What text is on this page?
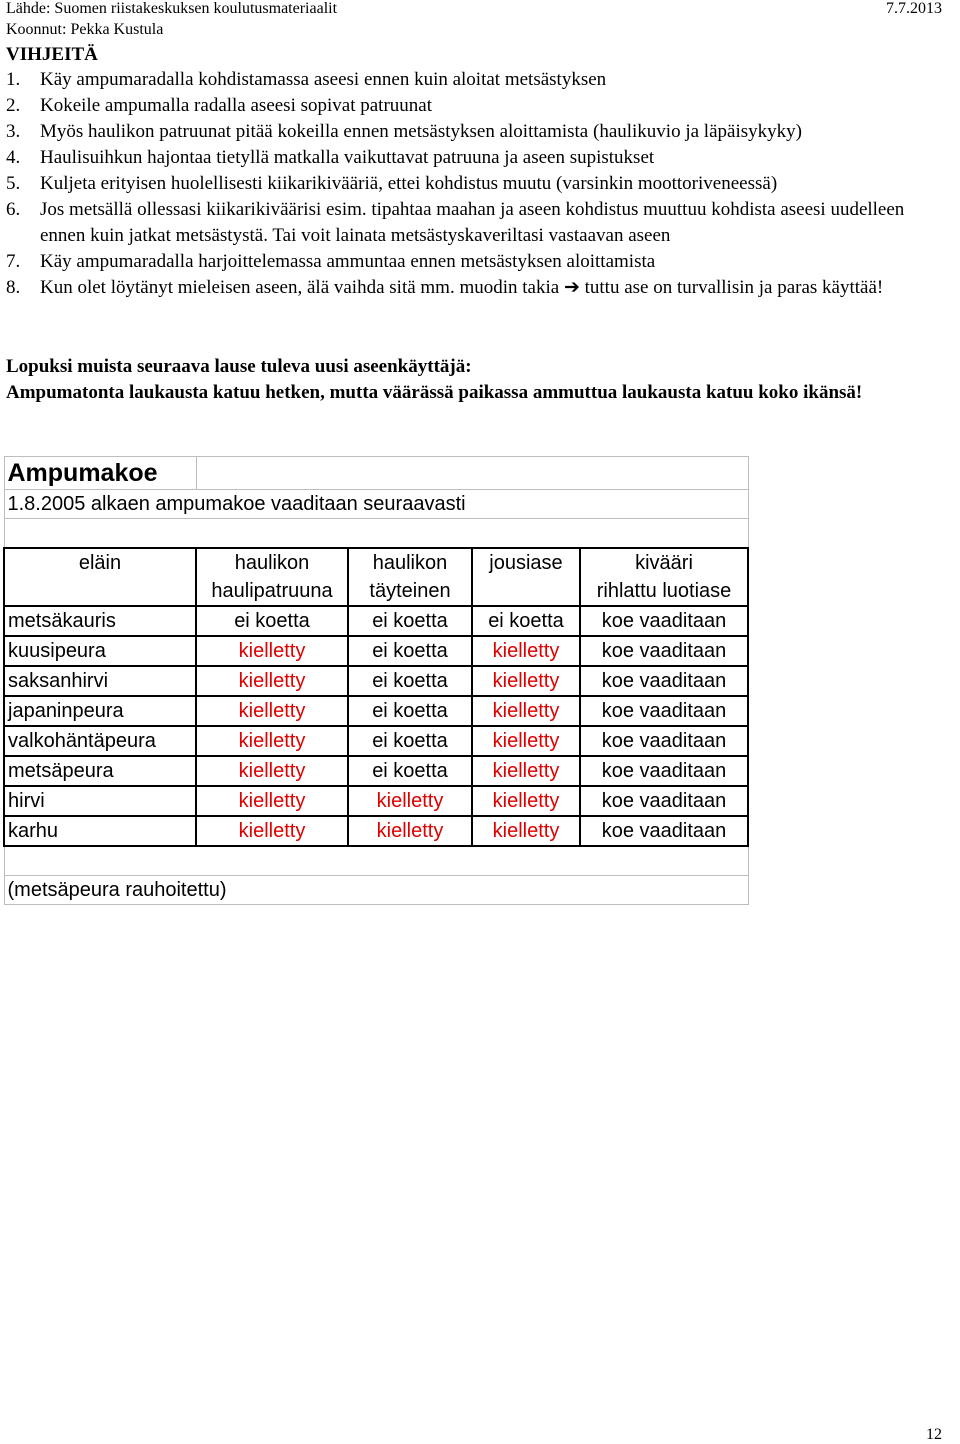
Lähde: Suomen riistakeskuksen koulutusmateriaalit	7.7.2013
Koonnut: Pekka Kustula
VIHJEITÄ
1.	Käy ampumaradalla kohdistamassa aseesi ennen kuin aloitat metsästyksen
2.	Kokeile ampumalla radalla aseesi sopivat patruunat
3.	Myös haulikon patruunat pitää kokeilla ennen metsästyksen aloittamista (haulikuvio ja läpäisykyky)
4.	Haulisuihkun hajontaa tietyllä matkalla vaikuttavat patruuna ja aseen supistukset
5.	Kuljeta erityisen huolellisesti kiikarikivääriä, ettei kohdistus muutu (varsinkin moottoriveneessä)
6.	Jos metsällä ollessasi kiikarikiväärisi esim. tipahtaa maahan ja aseen kohdistus muuttuu kohdista aseesi uudelleen ennen kuin jatkat metsästystä. Tai voit lainata metsästyskaveriltasi vastaavan aseen
7.	Käy ampumaradalla harjoittelemassa ammuntaa ennen metsästyksen aloittamista
8.	Kun olet löytänyt mieleisen aseen, älä vaihda sitä mm. muodin takia ➔ tuttu ase on turvallisin ja paras käyttää!

Lopuksi muista seuraava lause tuleva uusi aseenkäyttäjä:

Ampumatonta laukausta katuu hetken, mutta väärässä paikassa ammuttua laukausta katuu koko ikänsä!

Ampumakoe				
1.8.2005 alkaen ampumakoe vaaditaan seuraavasti				

eläin	haulikon	haulikon	jousiase	kivääri
	haulipatruuna	täyteinen		rihlattu luotiase
metsäkauris	ei koetta	ei koetta	ei koetta	koe vaaditaan
kuusipeura	kielletty	ei koetta	kielletty	koe vaaditaan
saksanhirvi	kielletty	ei koetta	kielletty	koe vaaditaan
japaninpeura	kielletty	ei koetta	kielletty	koe vaaditaan
valkohäntäpeura	kielletty	ei koetta	kielletty	koe vaaditaan
metsäpeura	kielletty	ei koetta	kielletty	koe vaaditaan
hirvi	kielletty	kielletty	kielletty	koe vaaditaan
karhu	kielletty	kielletty	kielletty	koe vaaditaan

(metsäpeura rauhoitettu)				
12
